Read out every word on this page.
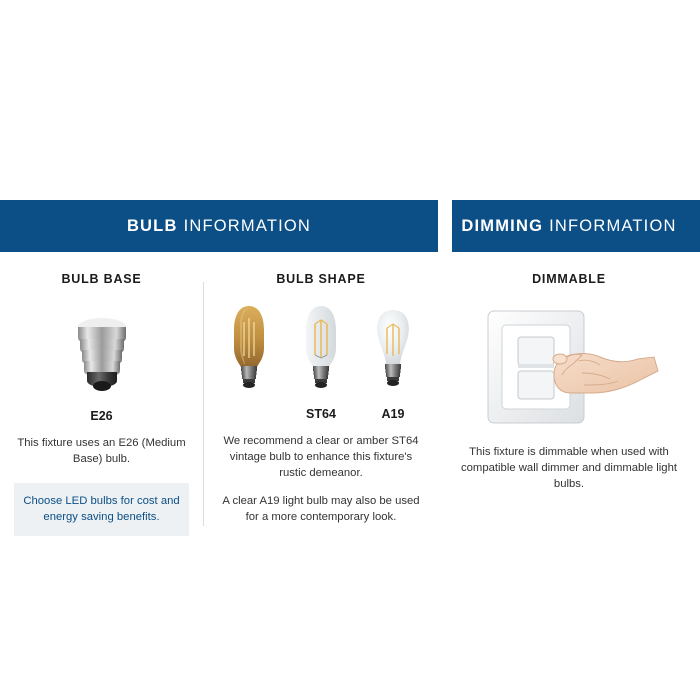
BULB INFORMATION
BULB BASE
E26
This fixture uses an E26 (Medium Base) bulb.
Choose LED bulbs for cost and energy saving benefits.
BULB SHAPE
ST64	A19
We recommend a clear or amber ST64 vintage bulb to enhance this fixture's rustic demeanor.
A clear A19 light bulb may also be used for a more contemporary look.
DIMMING INFORMATION
DIMMABLE
This fixture is dimmable when used with compatible wall dimmer and dimmable light bulbs.
